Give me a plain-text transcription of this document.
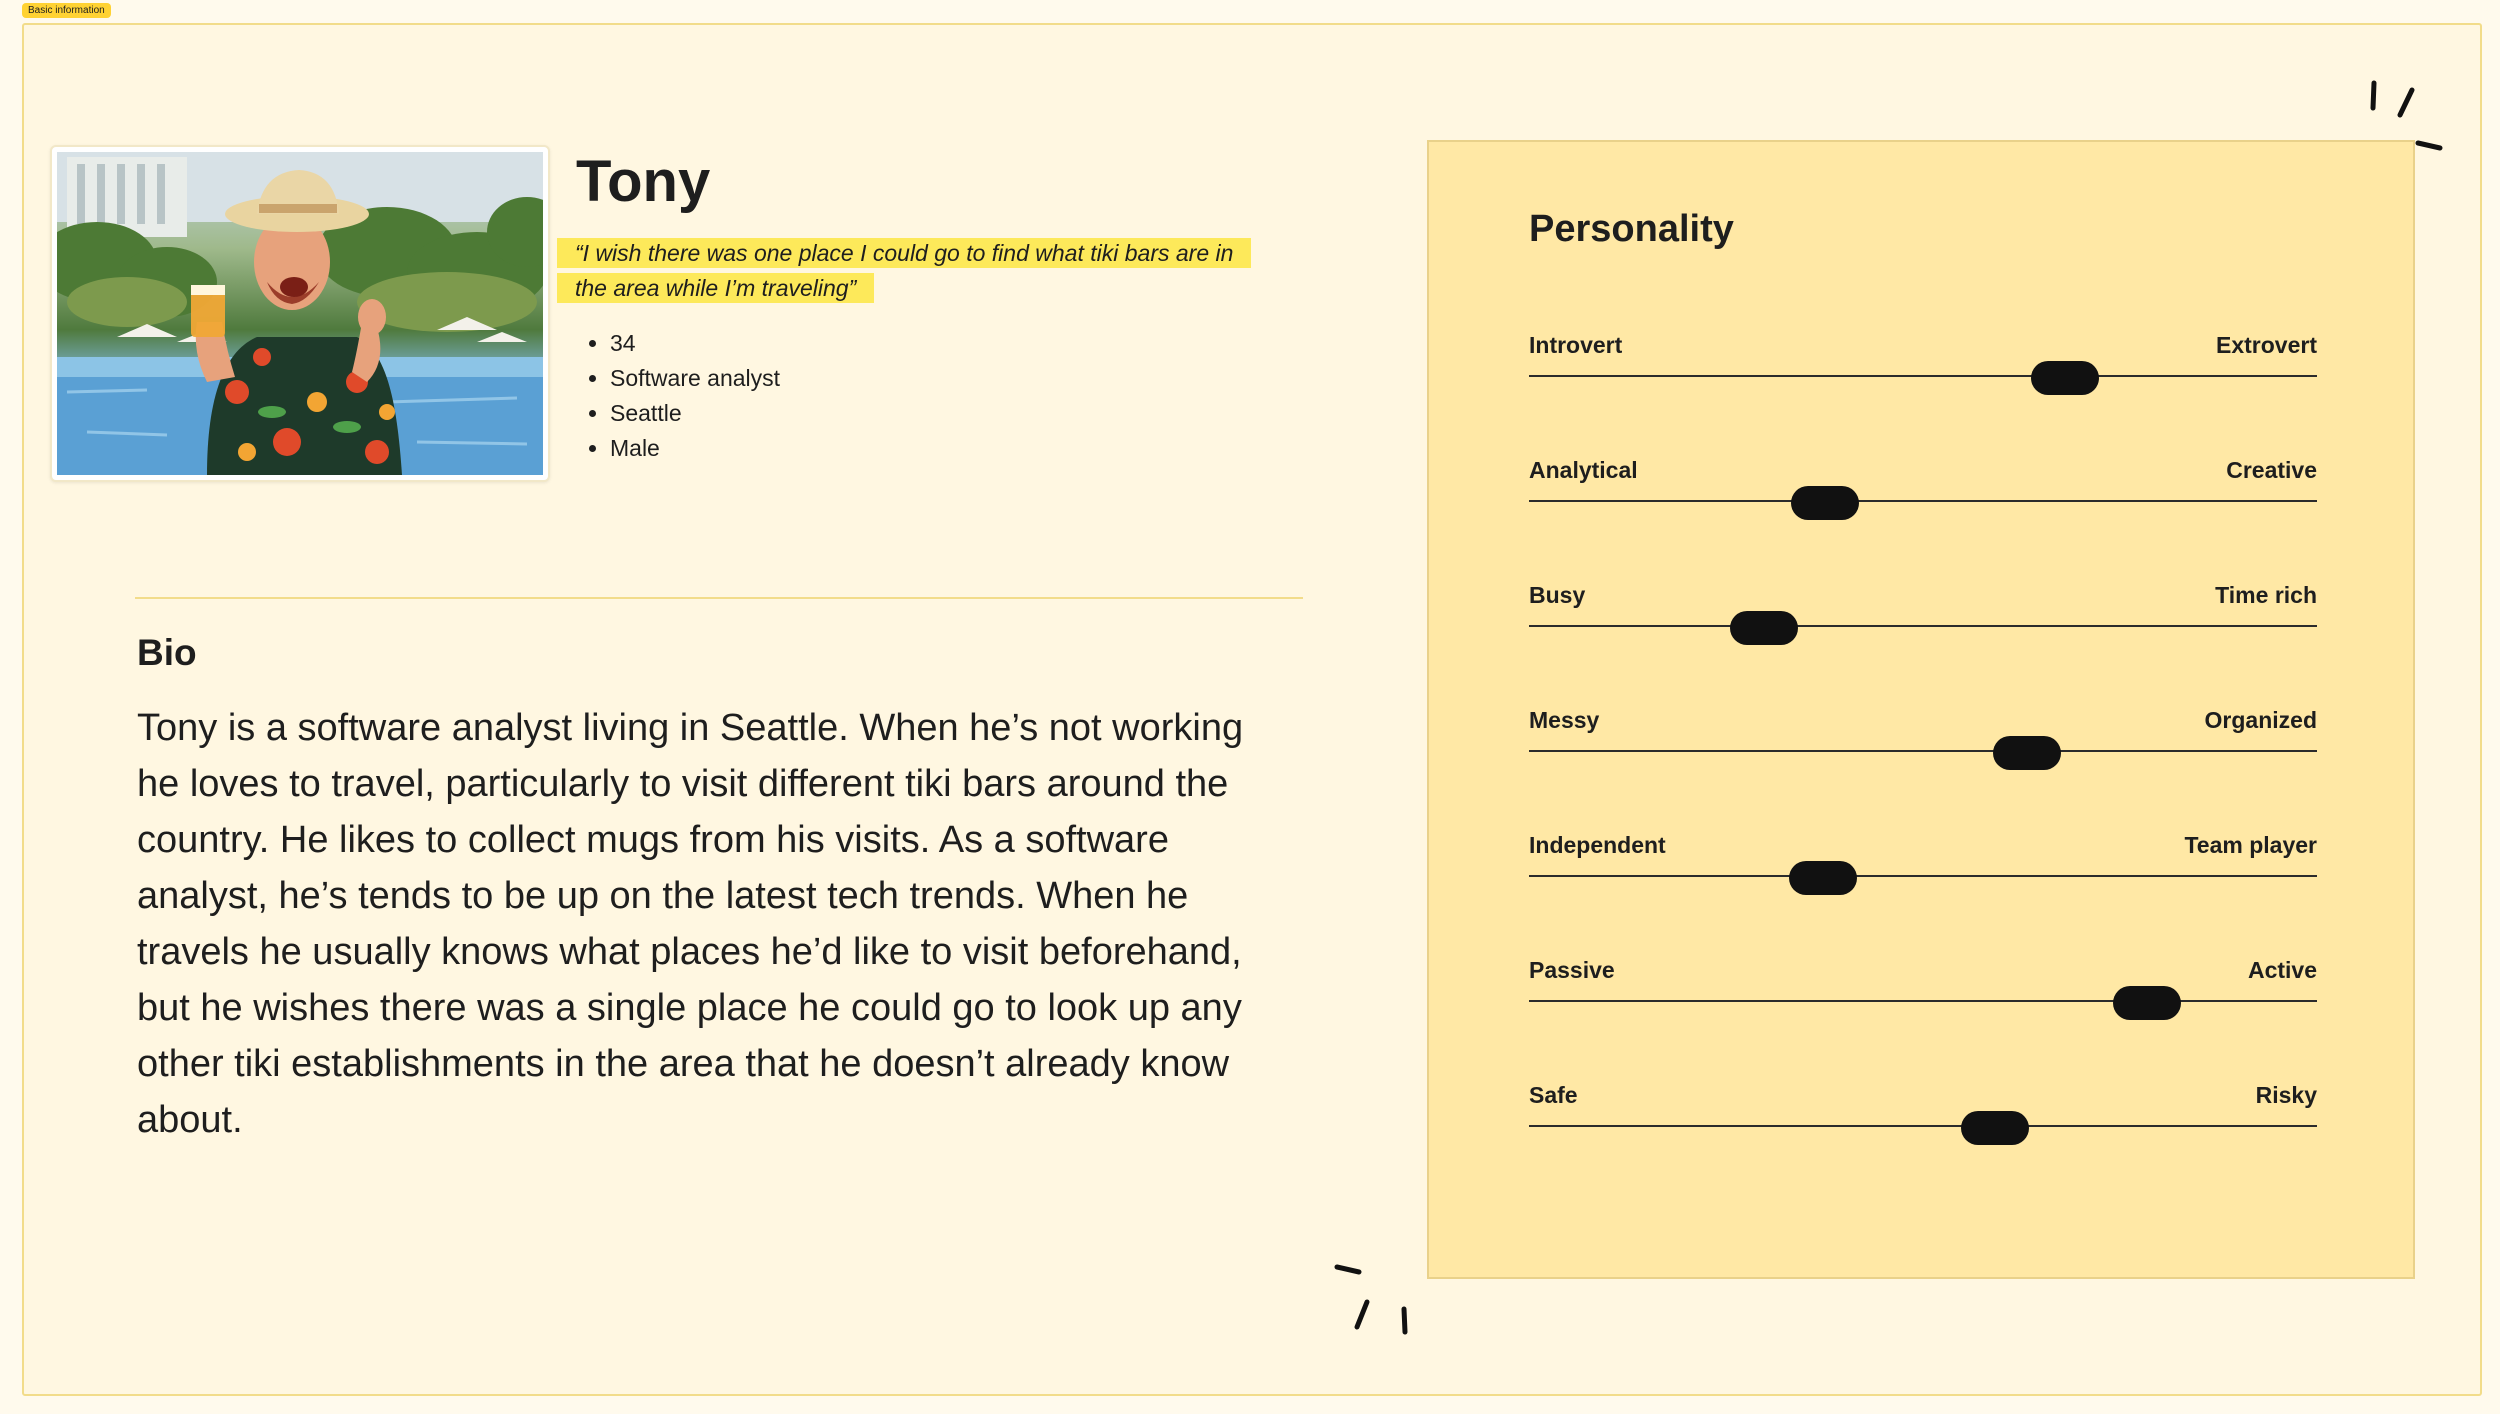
Basic information
Tony
“I wish there was one place I could go to find what tiki bars are in the area while I’m traveling”
• 34
• Software analyst
• Seattle
• Male
Bio

Tony is a software analyst living in Seattle. When he’s not working he loves to travel, particularly to visit different tiki bars around the country. He likes to collect mugs from his visits. As a software analyst, he’s tends to be up on the latest tech trends. When he travels he usually knows what places he’d like to visit beforehand, but he wishes there was a single place he could go to look up any other tiki establishments in the area that he doesn’t already know about.

Personality
Introvert	Extrovert
Analytical	Creative
Busy	Time rich
Messy	Organized
Independent	Team player
Passive	Active
Safe	Risky
